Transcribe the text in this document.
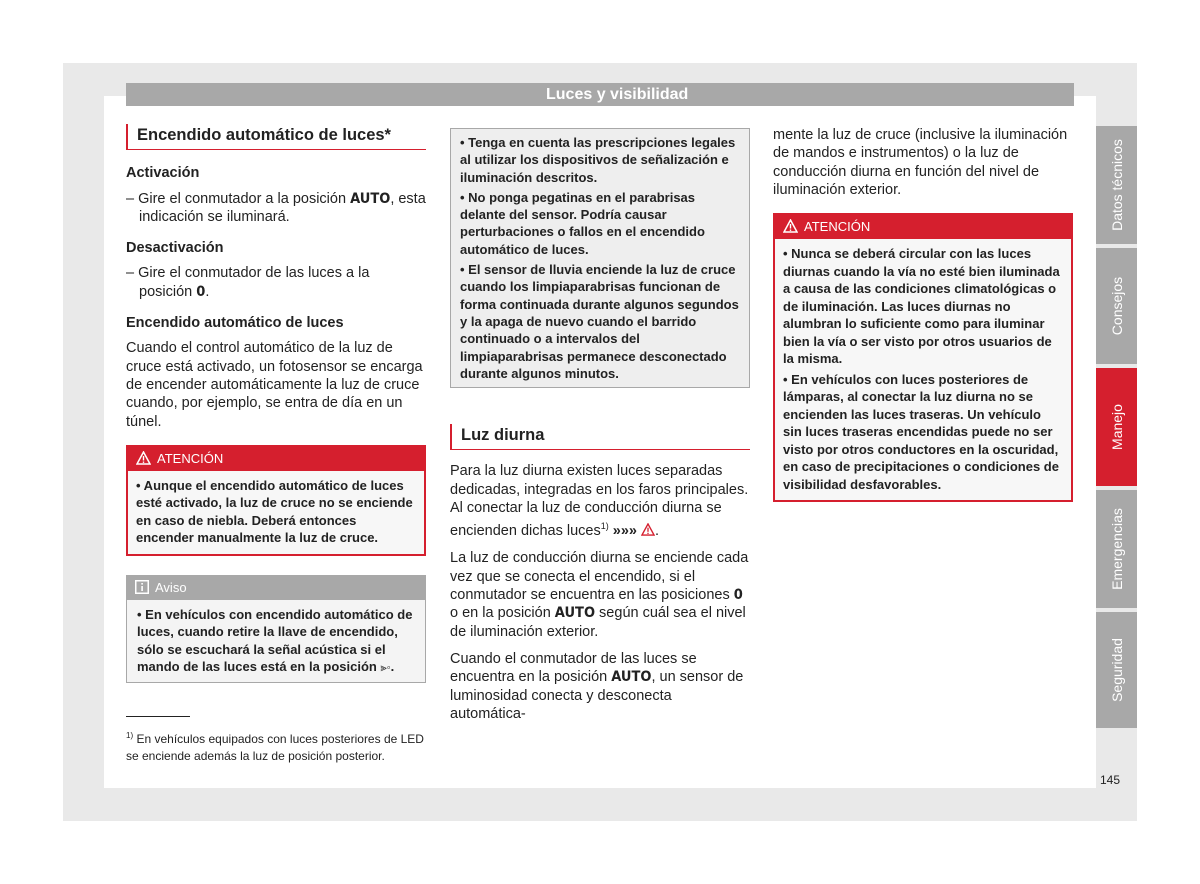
Luces y visibilidad
Encendido automático de luces*

Activación

– Gire el conmutador a la posición AUTO, esta indicación se iluminará.

Desactivación

– Gire el conmutador de las luces a la posición 0.

Encendido automático de luces

Cuando el control automático de la luz de cruce está activado, un fotosensor se encarga de encender automáticamente la luz de cruce cuando, por ejemplo, se entra de día en un túnel.

ATENCIÓN

• Aunque el encendido automático de luces esté activado, la luz de cruce no se enciende en caso de niebla. Deberá entonces encender manualmente la luz de cruce.

Aviso
• En vehículos con encendido automático de luces, cuando retire la llave de encendido, sólo se escuchará la señal acústica si el mando de las luces está en la posición ⫸◦.

• Tenga en cuenta las prescripciones legales al utilizar los dispositivos de señalización e iluminación descritos.

• No ponga pegatinas en el parabrisas delante del sensor. Podría causar perturbaciones o fallos en el encendido automático de luces.

• El sensor de lluvia enciende la luz de cruce cuando los limpiaparabrisas funcionan de forma continuada durante algunos segundos y la apaga de nuevo cuando el barrido continuado o a intervalos del limpiaparabrisas permanece desconectado durante algunos minutos.

Luz diurna

Para la luz diurna existen luces separadas dedicadas, integradas en los faros principales. Al conectar la luz de conducción diurna se encienden dichas luces$^{1)}$ »»» .

La luz de conducción diurna se enciende cada vez que se conecta el encendido, si el conmutador se encuentra en las posiciones 0 o en la posición AUTO según cuál sea el nivel de iluminación exterior.

Cuando el conmutador de las luces se encuentra en la posición AUTO, un sensor de luminosidad conecta y desconecta automática-

mente la luz de cruce (inclusive la iluminación de mandos e instrumentos) o la luz de conducción diurna en función del nivel de iluminación exterior.

ATENCIÓN

• Nunca se deberá circular con las luces diurnas cuando la vía no esté bien iluminada a causa de las condiciones climatológicas o de iluminación. Las luces diurnas no alumbran lo suficiente como para iluminar bien la vía o ser visto por otros usuarios de la misma.

• En vehículos con luces posteriores de lámparas, al conectar la luz diurna no se encienden las luces traseras. Un vehículo sin luces traseras encendidas puede no ser visto por otros conductores en la oscuridad, en caso de precipitaciones o condiciones de visibilidad desfavorables.

$^{1)}$ En vehículos equipados con luces posteriores de LED se enciende además la luz de posición posterior.
Datos técnicos
Consejos
Manejo
Emergencias
Seguridad
145
